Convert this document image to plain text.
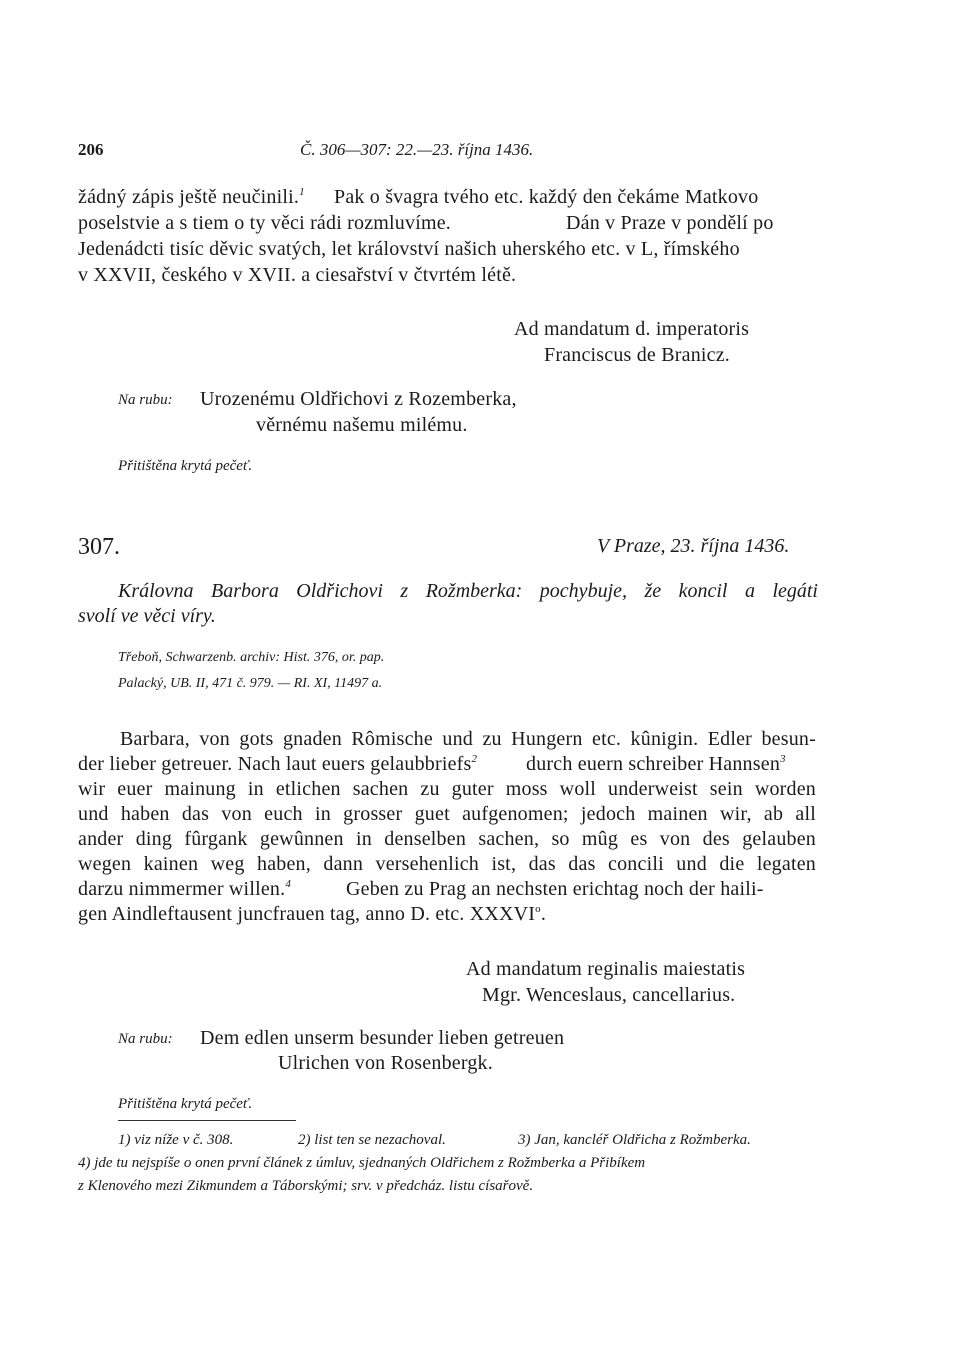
206	Č. 306—307: 22.—23. října 1436.
žádný zápis ještě neučinili.$^1$ Pak o švagra tvého etc. každý den čekáme Matkovo
poselstvie a s tiem o ty věci rádi rozmluvíme.	Dán v Praze v pondělí po
Jedenádcti tisíc děvic svatých, let království našich uherského etc. v L, římského
v XXVII, českého v XVII. a ciesařství v čtvrtém létě.
Ad mandatum d. imperatoris
Franciscus de Branicz.
Na rubu: Urozenému Oldřichovi z Rozemberka,
věrnému našemu milému.
Přitištěna krytá pečeť.
307.	V Praze, 23. října 1436.
Královna Barbora Oldřichovi z Rožmberka: pochybuje, že koncil a legáti
svolí ve věci víry.
Třeboň, Schwarzenb. archiv: Hist. 376, or. pap.
Palacký, UB. II, 471 č. 979. — RI. XI, 11497 a.
Barbara, von gots gnaden Rômische und zu Hungern etc. kûnigin. Edler besun-
der lieber getreuer. Nach laut euers gelaubbriefs$^2$ durch euern schreiber Hannsen$^3$
wir euer mainung in etlichen sachen zu guter moss woll underweist sein worden
und haben das von euch in grosser guet aufgenomen; jedoch mainen wir, ab all
ander ding fûrgank gewûnnen in denselben sachen, so mûg es von des gelauben
wegen kainen weg haben, dann versehenlich ist, das das concili und die legaten
darzu nimmermer willen.$^4$	Geben zu Prag an nechsten erichtag noch der haili-
gen Aindleftausent juncfrauen tag, anno D. etc. XXXVI$^o$.
Ad mandatum reginalis maiestatis
Mgr. Wenceslaus, cancellarius.
Na rubu: Dem edlen unserm besunder lieben getreuen
Ulrichen von Rosenbergk.
Přitištěna krytá pečeť.
1) viz níže v č. 308.	2) list ten se nezachoval.	3) Jan, kancléř Oldřicha z Rožmberka.
4) jde tu nejspíše o onen první článek z úmluv, sjednaných Oldřichem z Rožmberka a Přibíkem
z Klenového mezi Zikmundem a Táborskými; srv. v předcház. listu císařově.
